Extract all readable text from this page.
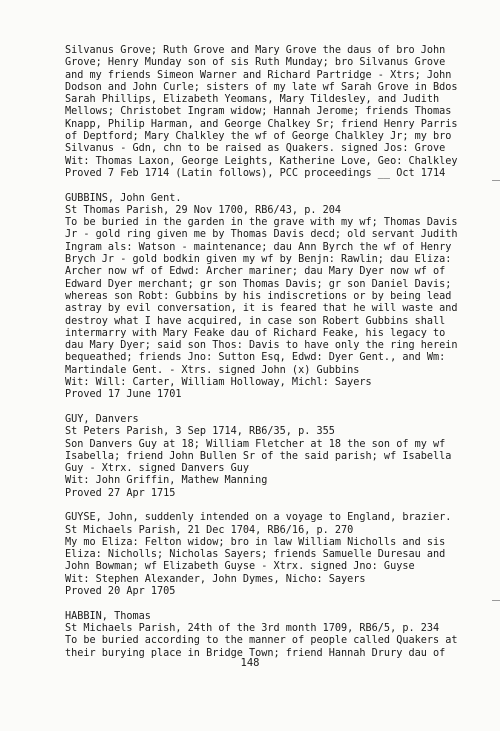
Silvanus Grove; Ruth Grove and Mary Grove the daus of bro John
Grove; Henry Munday son of sis Ruth Munday; bro Silvanus Grove
and my friends Simeon Warner and Richard Partridge - Xtrs; John
Dodson and John Curle; sisters of my late wf Sarah Grove in Bdos
Sarah Phillips, Elizabeth Yeomans, Mary Tildesley, and Judith
Mellows; Christobet Ingram widow; Hannah Jerome; friends Thomas
Knapp, Philip Harman, and George Chalkey Sr; friend Henry Parris
of Deptford; Mary Chalkley the wf of George Chalkley Jr; my bro
Silvanus - Gdn, chn to be raised as Quakers. signed Jos: Grove
Wit: Thomas Laxon, George Leights, Katherine Love, Geo: Chalkley
Proved 7 Feb 1714 (Latin follows), PCC proceedings __ Oct 1714
GUBBINS, John Gent.
St Thomas Parish, 29 Nov 1700, RB6/43, p. 204
To be buried in the garden in the grave with my wf; Thomas Davis
Jr - gold ring given me by Thomas Davis decd; old servant Judith
Ingram als: Watson - maintenance; dau Ann Byrch the wf of Henry
Brych Jr - gold bodkin given my wf by Benjn: Rawlin; dau Eliza:
Archer now wf of Edwd: Archer mariner; dau Mary Dyer now wf of
Edward Dyer merchant; gr son Thomas Davis; gr son Daniel Davis;
whereas son Robt: Gubbins by his indiscretions or by being lead
astray by evil conversation, it is feared that he will waste and
destroy what I have acquired, in case son Robert Gubbins shall
intermarry with Mary Feake dau of Richard Feake, his legacy to
dau Mary Dyer; said son Thos: Davis to have only the ring herein
bequeathed; friends Jno: Sutton Esq, Edwd: Dyer Gent., and Wm:
Martindale Gent. - Xtrs. signed John (x) Gubbins
Wit: Will: Carter, William Holloway, Michl: Sayers
Proved 17 June 1701
GUY, Danvers
St Peters Parish, 3 Sep 1714, RB6/35, p. 355
Son Danvers Guy at 18; William Fletcher at 18 the son of my wf
Isabella; friend John Bullen Sr of the said parish; wf Isabella
Guy - Xtrx. signed Danvers Guy
Wit: John Griffin, Mathew Manning
Proved 27 Apr 1715
GUYSE, John, suddenly intended on a voyage to England, brazier.
St Michaels Parish, 21 Dec 1704, RB6/16, p. 270
My mo Eliza: Felton widow; bro in law William Nicholls and sis
Eliza: Nicholls; Nicholas Sayers; friends Samuelle Duresau and
John Bowman; wf Elizabeth Guyse - Xtrx. signed Jno: Guyse
Wit: Stephen Alexander, John Dymes, Nicho: Sayers
Proved 20 Apr 1705
HABBIN, Thomas
St Michaels Parish, 24th of the 3rd month 1709, RB6/5, p. 234
To be buried according to the manner of people called Quakers at
their burying place in Bridge Town; friend Hannah Drury dau of
148
